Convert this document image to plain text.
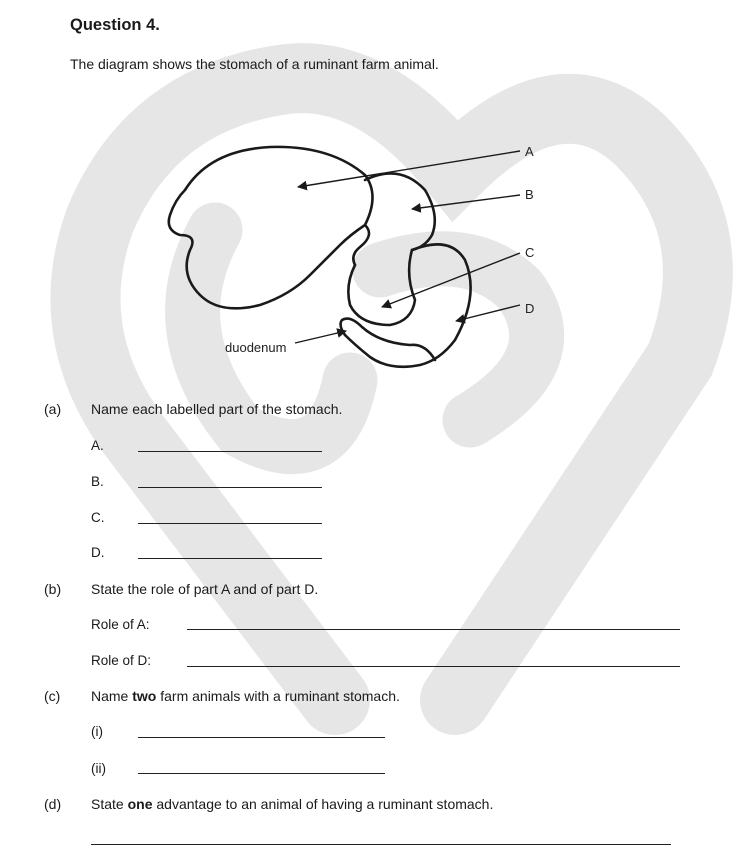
Question 4.
The diagram shows the stomach of a ruminant farm animal.
A
B
C
D
duodenum
(a) Name each labelled part of the stomach.
A.
B.
C.
D.
(b) State the role of part A and of part D.
Role of A:
Role of D:
(c) Name two farm animals with a ruminant stomach.
(i)
(ii)
(d) State one advantage to an animal of having a ruminant stomach.
